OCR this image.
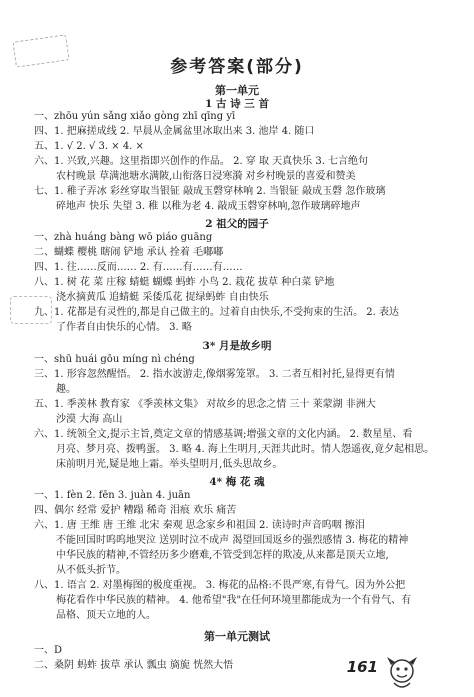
参考答案(部分)
第一单元
1 古 诗 三 首
一、zhōu yún sǎng xiǎo gòng zhī qīng yī
四、1. 把麻搓成线 2. 早晨从金属盆里冰取出来 3. 池岸 4. 随口
五、1. √ 2. √ 3. × 4. ×
六、1. 兴致,兴趣。这里指即兴创作的作品。 2. 穿 取 天真快乐 3. 七言绝句
农村晚景 草满池塘水满陂,山衔落日浸寒漪 对乡村晚景的喜爱和赞美
七、1. 稚子弄冰 彩丝穿取当银钲 敲成玉磬穿林响 2. 当银钲 敲成玉磬 忽作玻璃
碎地声 快乐 失望 3. 稚 以稚为老 4. 敲成玉磬穿林响,忽作玻璃碎地声
2 祖父的园子
一、zhà huáng bàng wō piáo guāng
二、蝴蝶 樱桃 瞎闹 铲地 承认 拴着 毛嘟嘟
四、1. 往……反而…… 2. 有……有……有……
八、1. 树 花 菜 庄稼 蜻蜓 蝴蝶 蚂蚱 小鸟 2. 栽花 拔草 种白菜 铲地
浇水摘黄瓜 追蜻蜓 采倭瓜花 捉绿蚂蚱 自由快乐
九、1. 花都是有灵性的,都是自己做主的。过着自由快乐,不受拘束的生活。 2. 表达
了作者自由快乐的心情。 3. 略
3* 月是故乡明
一、shū huái gōu míng nì chéng
三、1. 形容忽然醒悟。 2. 指水波游走,像烟雾笼罩。 3. 二者互相衬托,显得更有情
趣。
五、1. 季羡林 教育家 《季羡林文集》 对故乡的思念之情 三十 莱蒙湖 非洲大
沙漠 大海 高山
六、1. 统领全文,提示主旨,奠定文章的情感基调;增强文章的文化内涵。 2. 数星星、看
月亮、梦月亮、拨鸭蛋。 3. 略 4. 海上生明月,天涯共此时。情人怨遥夜,竟夕起相思。
床前明月光,疑是地上霜。举头望明月,低头思故乡。
4* 梅 花 魂
一、1. fèn 2. fēn 3. juàn 4. juān
四、偶尔 经常 爱护 糟蹋 稀奇 泪痕 欢乐 痛苦
六、1. 唐 王维 唐 王维 北宋 秦观 思念家乡和祖国 2. 读诗时声音呜咽 擦泪
不能回国时呜呜地哭泣 送别时泣不成声 渴望回国返乡的强烈感情 3. 梅花的精神
中华民族的精神,不管经历多少磨难,不管受到怎样的欺凌,从来都是顶天立地,
从不低头折节。
八、1. 语言 2. 对墨梅图的极度重视。 3. 梅花的品格:不畏严寒,有骨气。因为外公把
梅花看作中华民族的精神。 4. 他希望"我"在任何环境里都能成为一个有骨气、有
品格、顶天立地的人。
第一单元测试
一、D
二、桑阴 蚂蚱 拔草 承认 瓢虫 旖旎 恍然大悟	161
